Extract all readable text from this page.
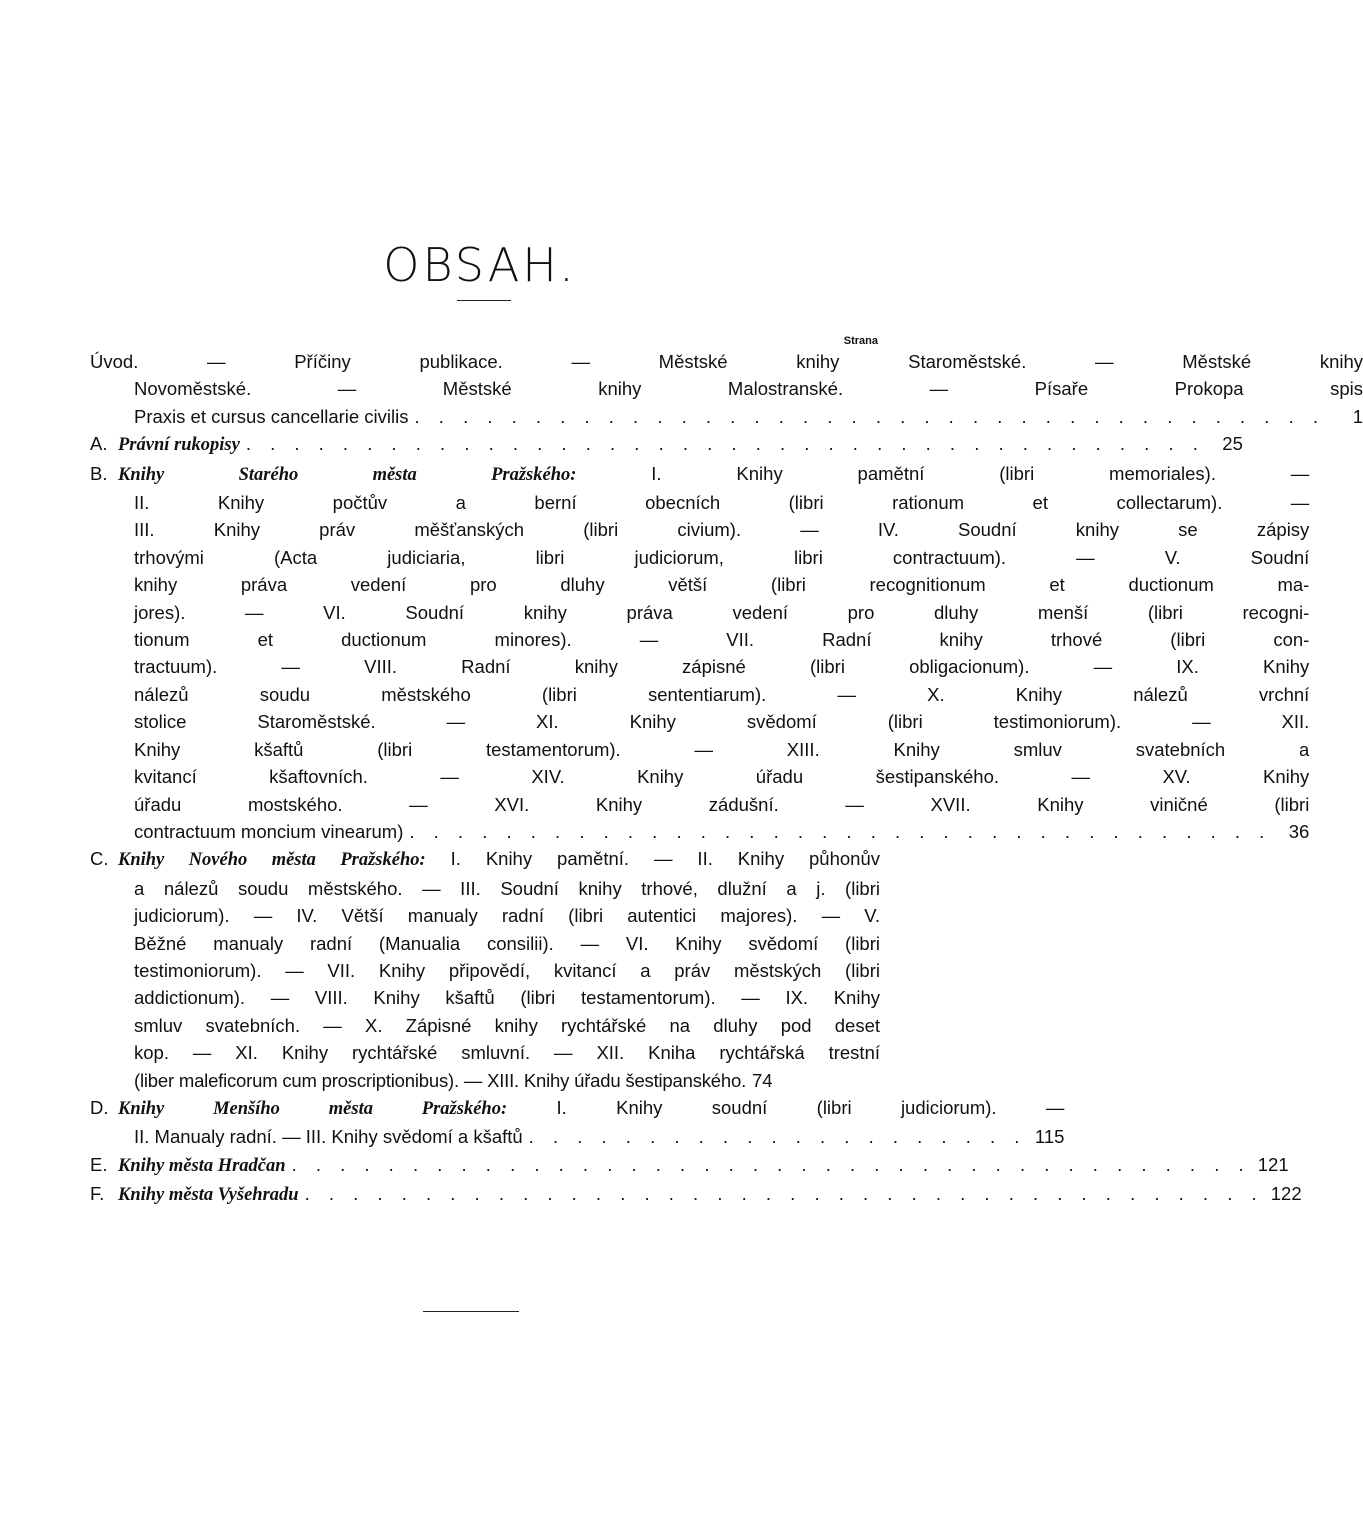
OBSAH.
Strana
Úvod. — Příčiny publikace. — Městské knihy Staroměstské. — Městské knihy
Novoměstské. — Městské knihy Malostranské. — Písaře Prokopa spis
Praxis et cursus cancellarie civilis . . . . . . . . . . . . . . . . . . . . . . . . . . . . . . . . . . . . . .	1
A. Právní rukopisy . . . . . . . . . . . . . . . . . . . . . . . . . . . . . . . . . . . . . . . . 25
B. Knihy Starého města Pražského:	I. Knihy pamětní (libri memoriales). —
II. Knihy počtův a berní obecních (libri rationum et collectarum). —
III. Knihy práv měšťanských (libri civium). — IV. Soudní knihy se zápisy
trhovými (Acta judiciaria, libri judiciorum, libri contractuum). — V. Soudní
knihy práva vedení pro dluhy větší (libri recognitionum et ductionum ma-
jores). — VI. Soudní knihy práva vedení pro dluhy menší (libri recogni-
tionum et ductionum minores). — VII. Radní knihy trhové (libri con-
tractuum). — VIII. Radní knihy zápisné (libri obligacionum). — IX. Knihy
nálezů soudu městského (libri sententiarum). — X. Knihy nálezů vrchní
stolice Staroměstské. — XI. Knihy svědomí (libri testimoniorum). — XII.
Knihy kšaftů (libri testamentorum). — XIII. Knihy smluv svatebních a
kvitancí kšaftovních. — XIV. Knihy úřadu šestipanského. — XV. Knihy
úřadu mostského. — XVI. Knihy zádušní. — XVII. Knihy viničné (libri
contractuum moncium vinearum) . . . . . . . . . . . . . . . . . . . . . . . . . . . . . . . . . . . . 36
C. Knihy Nového města Pražského: I. Knihy pamětní. — II. Knihy půhonův
a nálezů soudu městského. — III. Soudní knihy trhové, dlužní a j. (libri
judiciorum). — IV. Větší manualy radní (libri autentici majores). — V.
Běžné manualy radní (Manualia consilii). — VI. Knihy svědomí (libri
testimoniorum). — VII. Knihy připovědí, kvitancí a práv městských (libri
addictionum). — VIII. Knihy kšaftů (libri testamentorum). — IX. Knihy
smluv svatebních. — X. Zápisné knihy rychtářské na dluhy pod deset
kop. — XI. Knihy rychtářské smluvní. — XII. Kniha rychtářská trestní
(liber maleficorum cum proscriptionibus). — XIII. Knihy úřadu šestipanského. 74
D. Knihy Menšího města Pražského:	I. Knihy soudní (libri judiciorum). —
II. Manualy radní. — III. Knihy svědomí a kšaftů . . . . . . . . . . . . . . . . . . . . . 115
E. Knihy města Hradčan . . . . . . . . . . . . . . . . . . . . . . . . . . . . . . . . . . . . . . . . 121
F. Knihy města Vyšehradu . . . . . . . . . . . . . . . . . . . . . . . . . . . . . . . . . . . . . . . . 122
